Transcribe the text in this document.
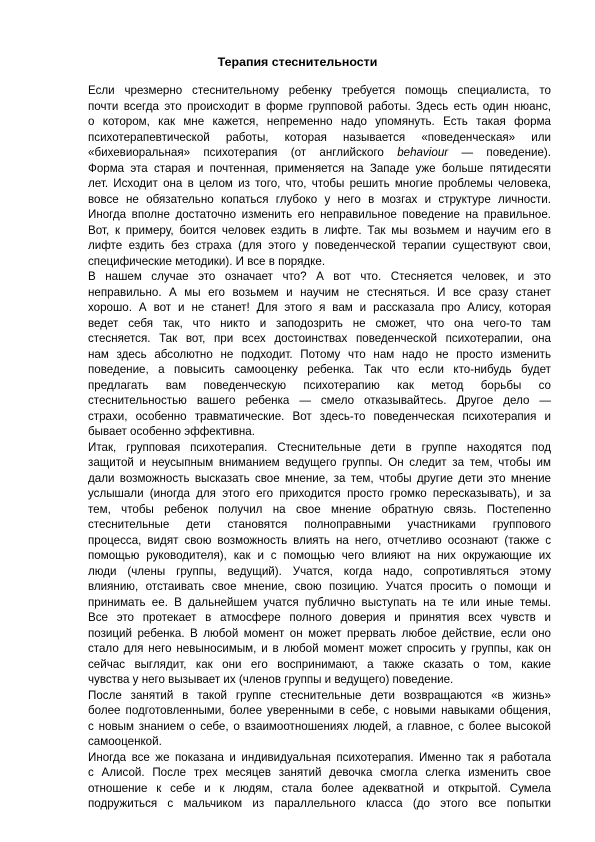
Терапия стеснительности

Если чрезмерно стеснительному ребенку требуется помощь специалиста, то

почти всегда это происходит в форме групповой работы. Здесь есть один нюанс,

о котором, как мне кажется, непременно надо упомянуть. Есть такая форма

психотерапевтической работы, которая называется «поведенческая» или

«бихевиоральная» психотерапия (от английского behaviour — поведение).

Форма эта старая и почтенная, применяется на Западе уже больше пятидесяти

лет. Исходит она в целом из того, что, чтобы решить многие проблемы человека,

вовсе не обязательно копаться глубоко у него в мозгах и структуре личности.

Иногда вполне достаточно изменить его неправильное поведение на правильное.

Вот, к примеру, боится человек ездить в лифте. Так мы возьмем и научим его в

лифте ездить без страха (для этого у поведенческой терапии существуют свои,

специфические методики). И все в порядке.

В нашем случае это означает что? А вот что. Стесняется человек, и это

неправильно. А мы его возьмем и научим не стесняться. И все сразу станет

хорошо. А вот и не станет! Для этого я вам и рассказала про Алису, которая

ведет себя так, что никто и заподозрить не сможет, что она чего-то там

стесняется. Так вот, при всех достоинствах поведенческой психотерапии, она

нам здесь абсолютно не подходит. Потому что нам надо не просто изменить

поведение, а повысить самооценку ребенка. Так что если кто-нибудь будет

предлагать вам поведенческую психотерапию как метод борьбы со

стеснительностью вашего ребенка — смело отказывайтесь. Другое дело —

страхи, особенно травматические. Вот здесь-то поведенческая психотерапия и

бывает особенно эффективна.

Итак, групповая психотерапия. Стеснительные дети в группе находятся под

защитой и неусыпным вниманием ведущего группы. Он следит за тем, чтобы им

дали возможность высказать свое мнение, за тем, чтобы другие дети это мнение

услышали (иногда для этого его приходится просто громко пересказывать), и за

тем, чтобы ребенок получил на свое мнение обратную связь. Постепенно

стеснительные дети становятся полноправными участниками группового

процесса, видят свою возможность влиять на него, отчетливо осознают (также с

помощью руководителя), как и с помощью чего влияют на них окружающие их

люди (члены группы, ведущий). Учатся, когда надо, сопротивляться этому

влиянию, отстаивать свое мнение, свою позицию. Учатся просить о помощи и

принимать ее. В дальнейшем учатся публично выступать на те или иные темы.

Все это протекает в атмосфере полного доверия и принятия всех чувств и

позиций ребенка. В любой момент он может прервать любое действие, если оно

стало для него невыносимым, и в любой момент может спросить у группы, как он

сейчас выглядит, как они его воспринимают, а также сказать о том, какие

чувства у него вызывает их (членов группы и ведущего) поведение.

После занятий в такой группе стеснительные дети возвращаются «в жизнь»

более подготовленными, более уверенными в себе, с новыми навыками общения,

с новым знанием о себе, о взаимоотношениях людей, а главное, с более высокой

самооценкой.

Иногда все же показана и индивидуальная психотерапия. Именно так я работала

с Алисой. После трех месяцев занятий девочка смогла слегка изменить свое

отношение к себе и к людям, стала более адекватной и открытой. Сумела

подружиться с мальчиком из параллельного класса (до этого все попытки
